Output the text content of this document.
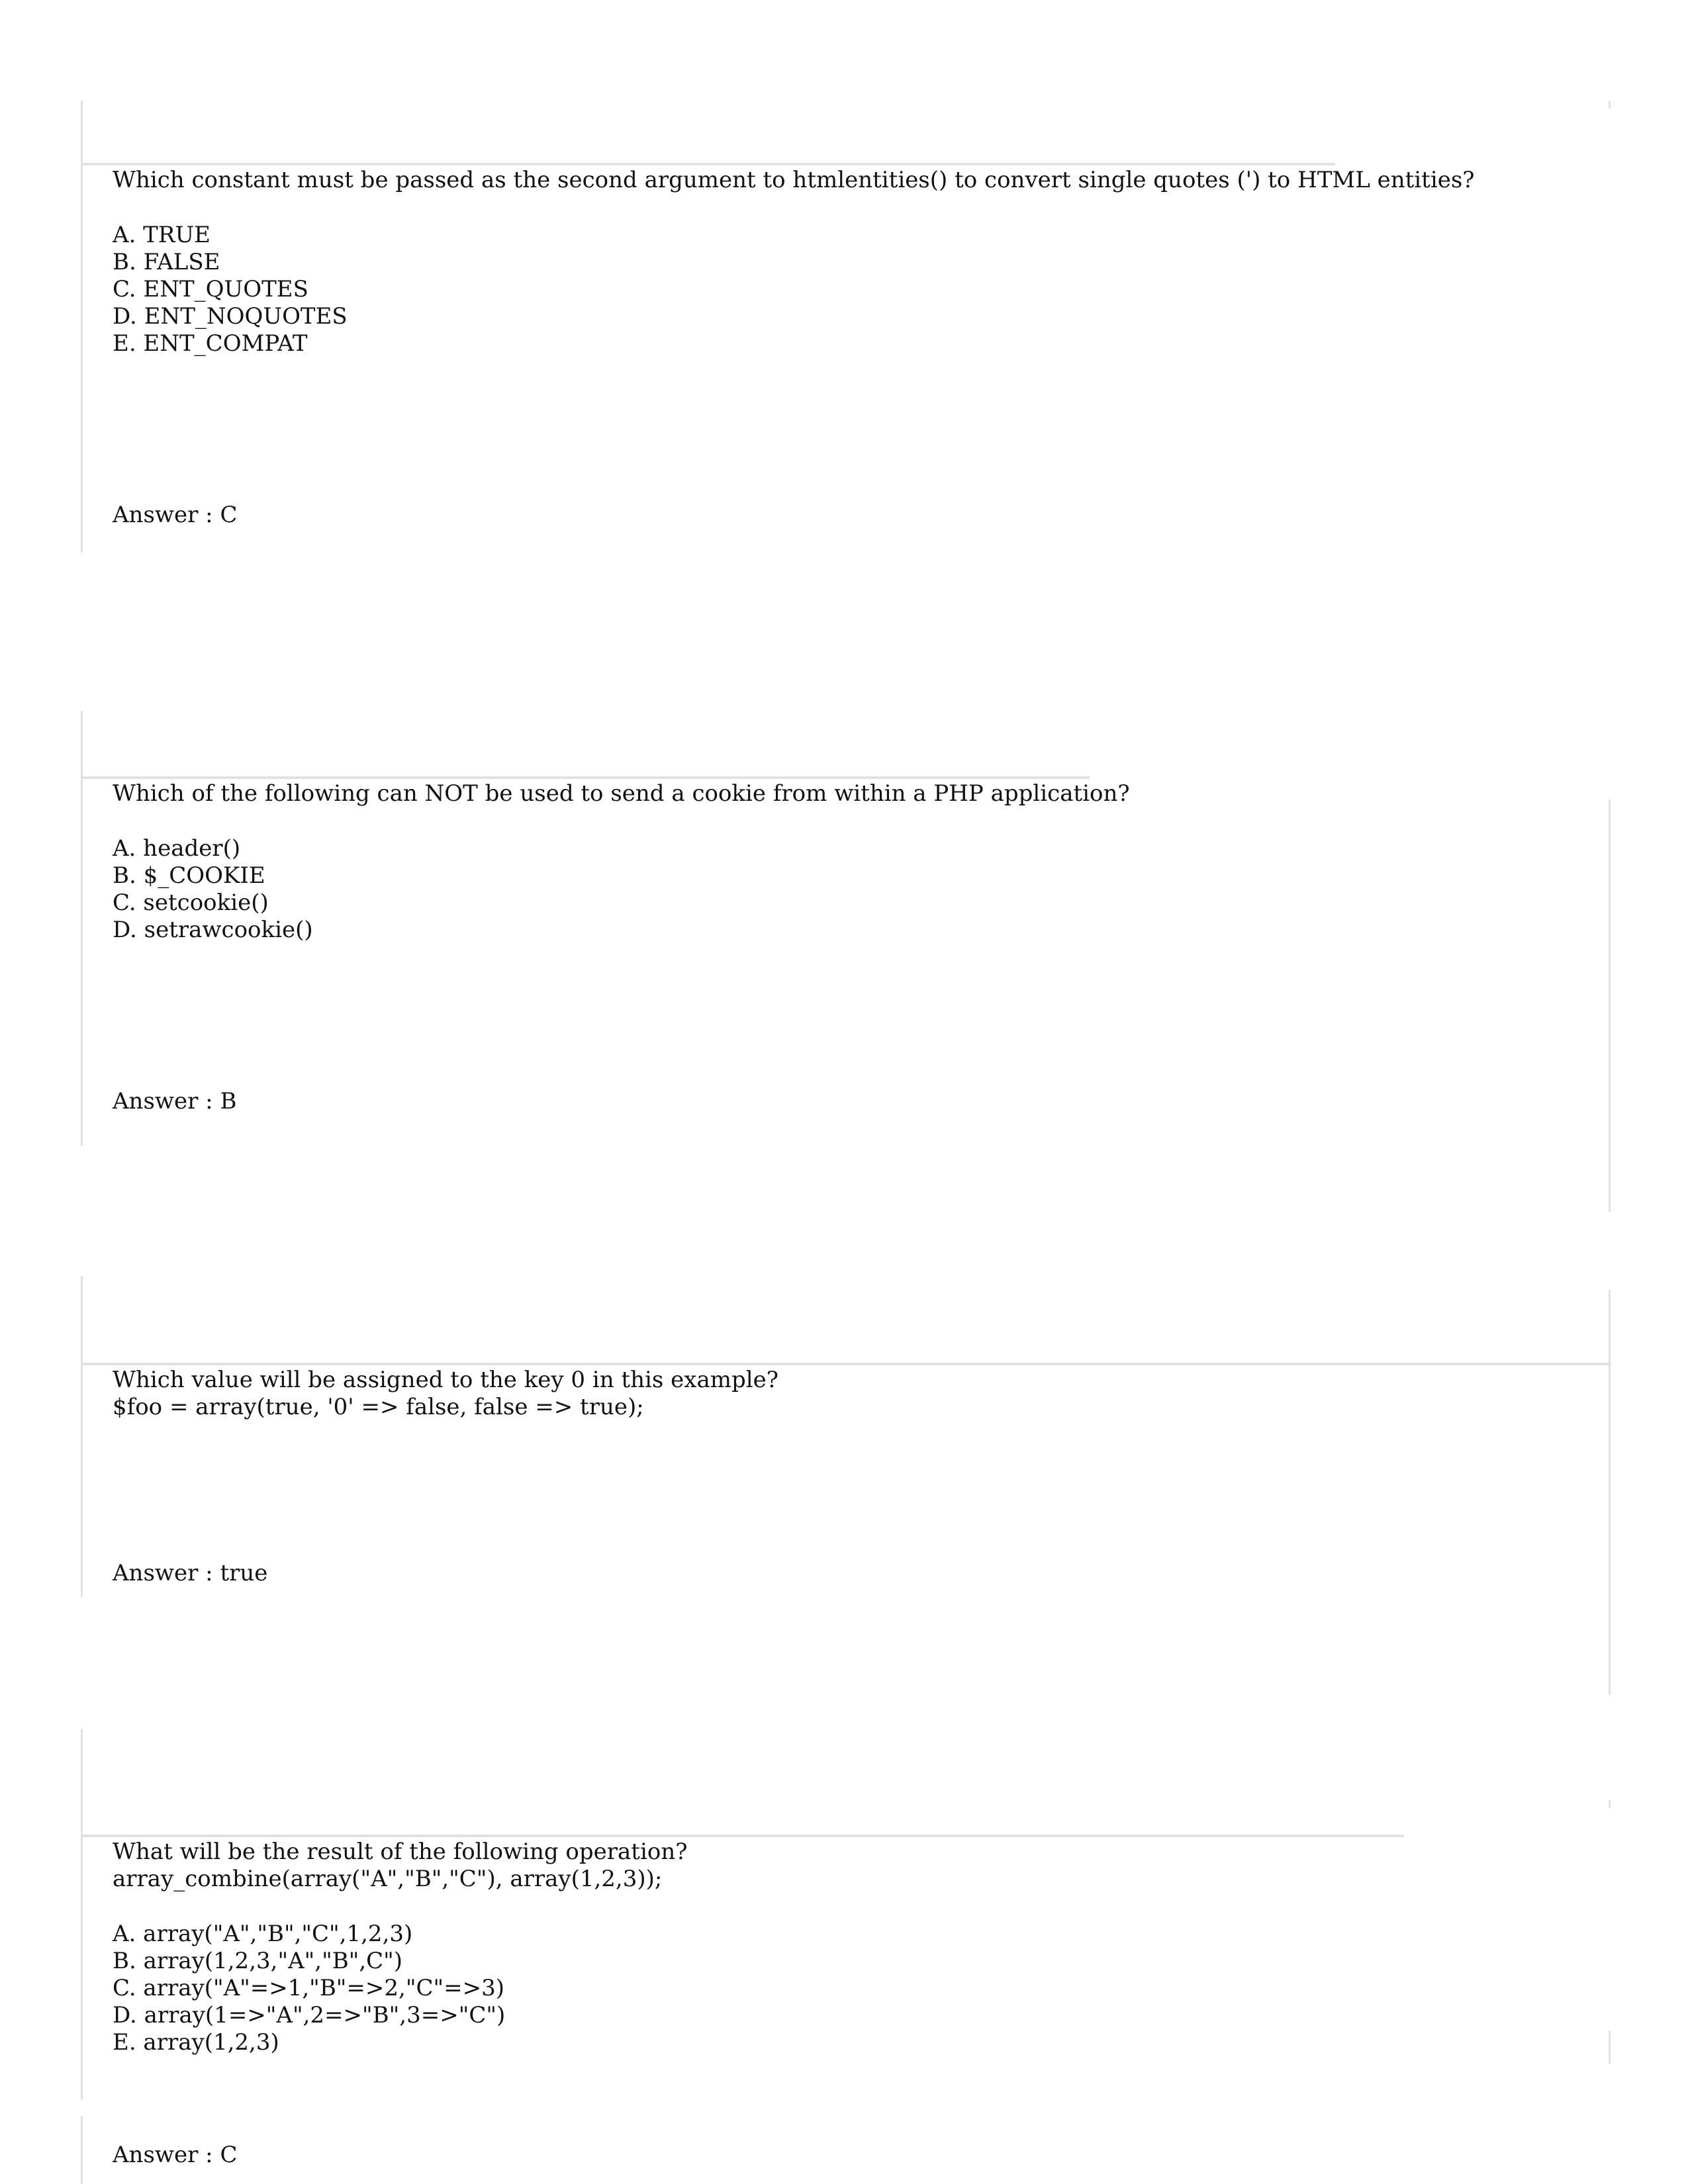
Which constant must be passed as the second argument to htmlentities() to convert single quotes (') to HTML entities?
A. TRUE
B. FALSE
C. ENT_QUOTES
D. ENT_NOQUOTES
E. ENT_COMPAT
Answer : C
Which of the following can NOT be used to send a cookie from within a PHP application?
A. header()
B. $_COOKIE
C. setcookie()
D. setrawcookie()
Answer : B
Which value will be assigned to the key 0 in this example?
$foo = array(true, '0' => false, false => true);
Answer : true
What will be the result of the following operation?
array_combine(array("A","B","C"), array(1,2,3));
A. array("A","B","C",1,2,3)
B. array(1,2,3,"A","B",C")
C. array("A"=>1,"B"=>2,"C"=>3)
D. array(1=>"A",2=>"B",3=>"C")
E. array(1,2,3)
Answer : C
